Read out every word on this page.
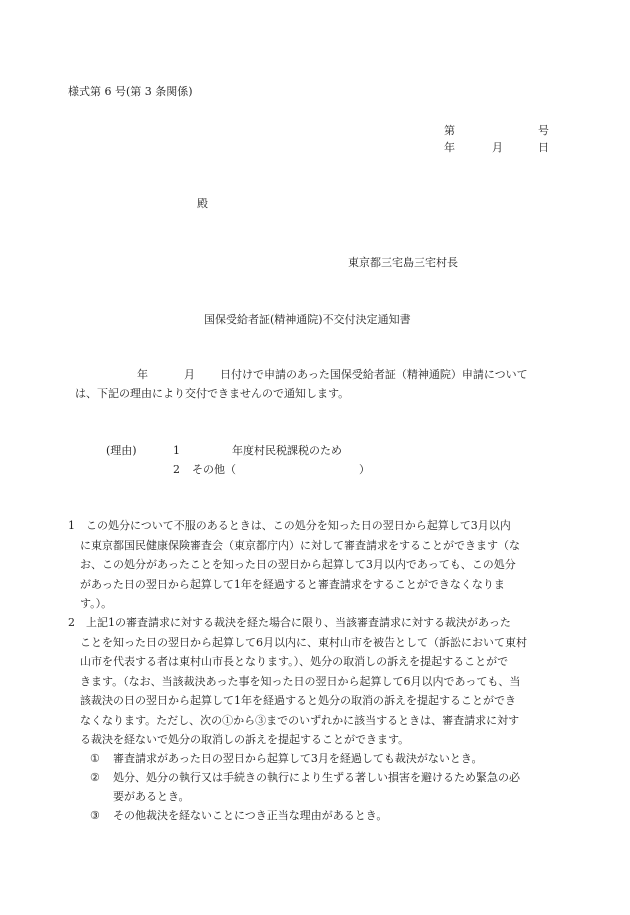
様式第 6 号(第 3 条関係)
第	号
年	月	日
殿
東京都三宅島三宅村長
国保受給者証(精神通院)不交付決定通知書
年	月 日付けで申請のあった国保受給者証（精神通院）申請について
は、下記の理由により交付できませんので通知します。
(理由)	1	年度村民税課税のため
2 その他（	）
1　この処分について不服のあるときは、この処分を知った日の翌日から起算して3月以内
に東京都国民健康保険審査会（東京都庁内）に対して審査請求をすることができます（な
お、この処分があったことを知った日の翌日から起算して3月以内であっても、この処分
があった日の翌日から起算して1年を経過すると審査請求をすることができなくなりま
す。）。
2　上記1の審査請求に対する裁決を経た場合に限り、当該審査請求に対する裁決があった
ことを知った日の翌日から起算して6月以内に、東村山市を被告として（訴訟において東村
山市を代表する者は東村山市長となります。）、処分の取消しの訴えを提起することがで
きます。（なお、当該裁決あった事を知った日の翌日から起算して6月以内であっても、当
該裁決の日の翌日から起算して1年を経過すると処分の取消の訴えを提起することができ
なくなります。ただし、次の①から③までのいずれかに該当するときは、審査請求に対す
る裁決を経ないで処分の取消しの訴えを提起することができます。
① 審査請求があった日の翌日から起算して3月を経過しても裁決がないとき。
② 処分、処分の執行又は手続きの執行により生ずる著しい損害を避けるため緊急の必
要があるとき。
③ その他裁決を経ないことにつき正当な理由があるとき。
